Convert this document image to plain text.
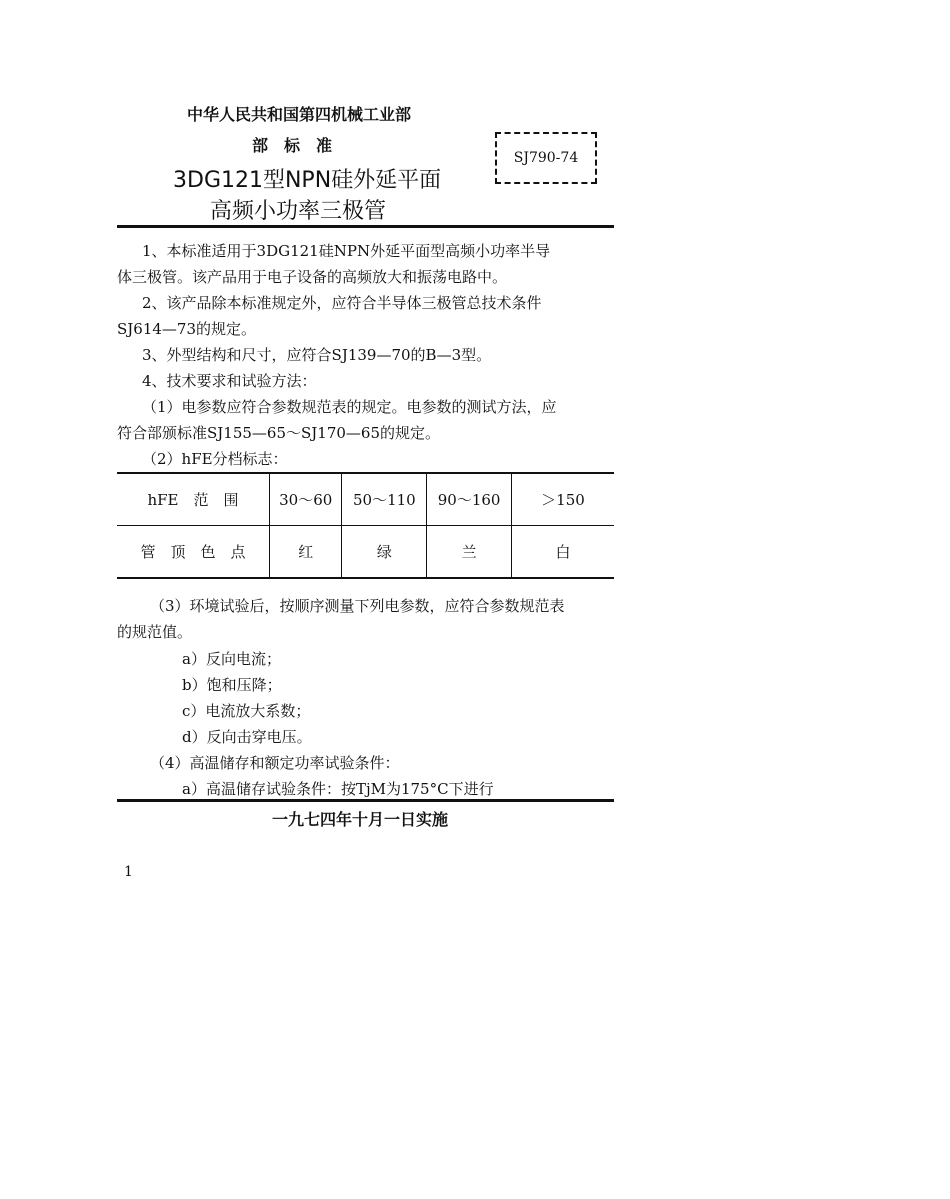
中华人民共和国第四机械工业部
部　标　准
3DG121型NPN硅外延平面
高频小功率三极管
SJ790-74
1、本标准适用于3DG121硅NPN外延平面型高频小功率半导
体三极管。该产品用于电子设备的高频放大和振荡电路中。
2、该产品除本标准规定外，应符合半导体三极管总技术条件
SJ614—73的规定。
3、外型结构和尺寸，应符合SJ139—70的B—3型。
4、技术要求和试验方法：
（1）电参数应符合参数规范表的规定。电参数的测试方法，应
符合部颁标准SJ155—65～SJ170—65的规定。
（2）hFE分档标志：
hFE　范　围	30～60	50～110	90～160	＞150
管　顶　色　点	红	绿	兰	白
（3）环境试验后，按顺序测量下列电参数，应符合参数规范表
的规范值。
a）反向电流；
b）饱和压降；
c）电流放大系数；
d）反向击穿电压。
（4）高温储存和额定功率试验条件：
a）高温储存试验条件：按TjM为175°C下进行
一九七四年十月一日实施
1
